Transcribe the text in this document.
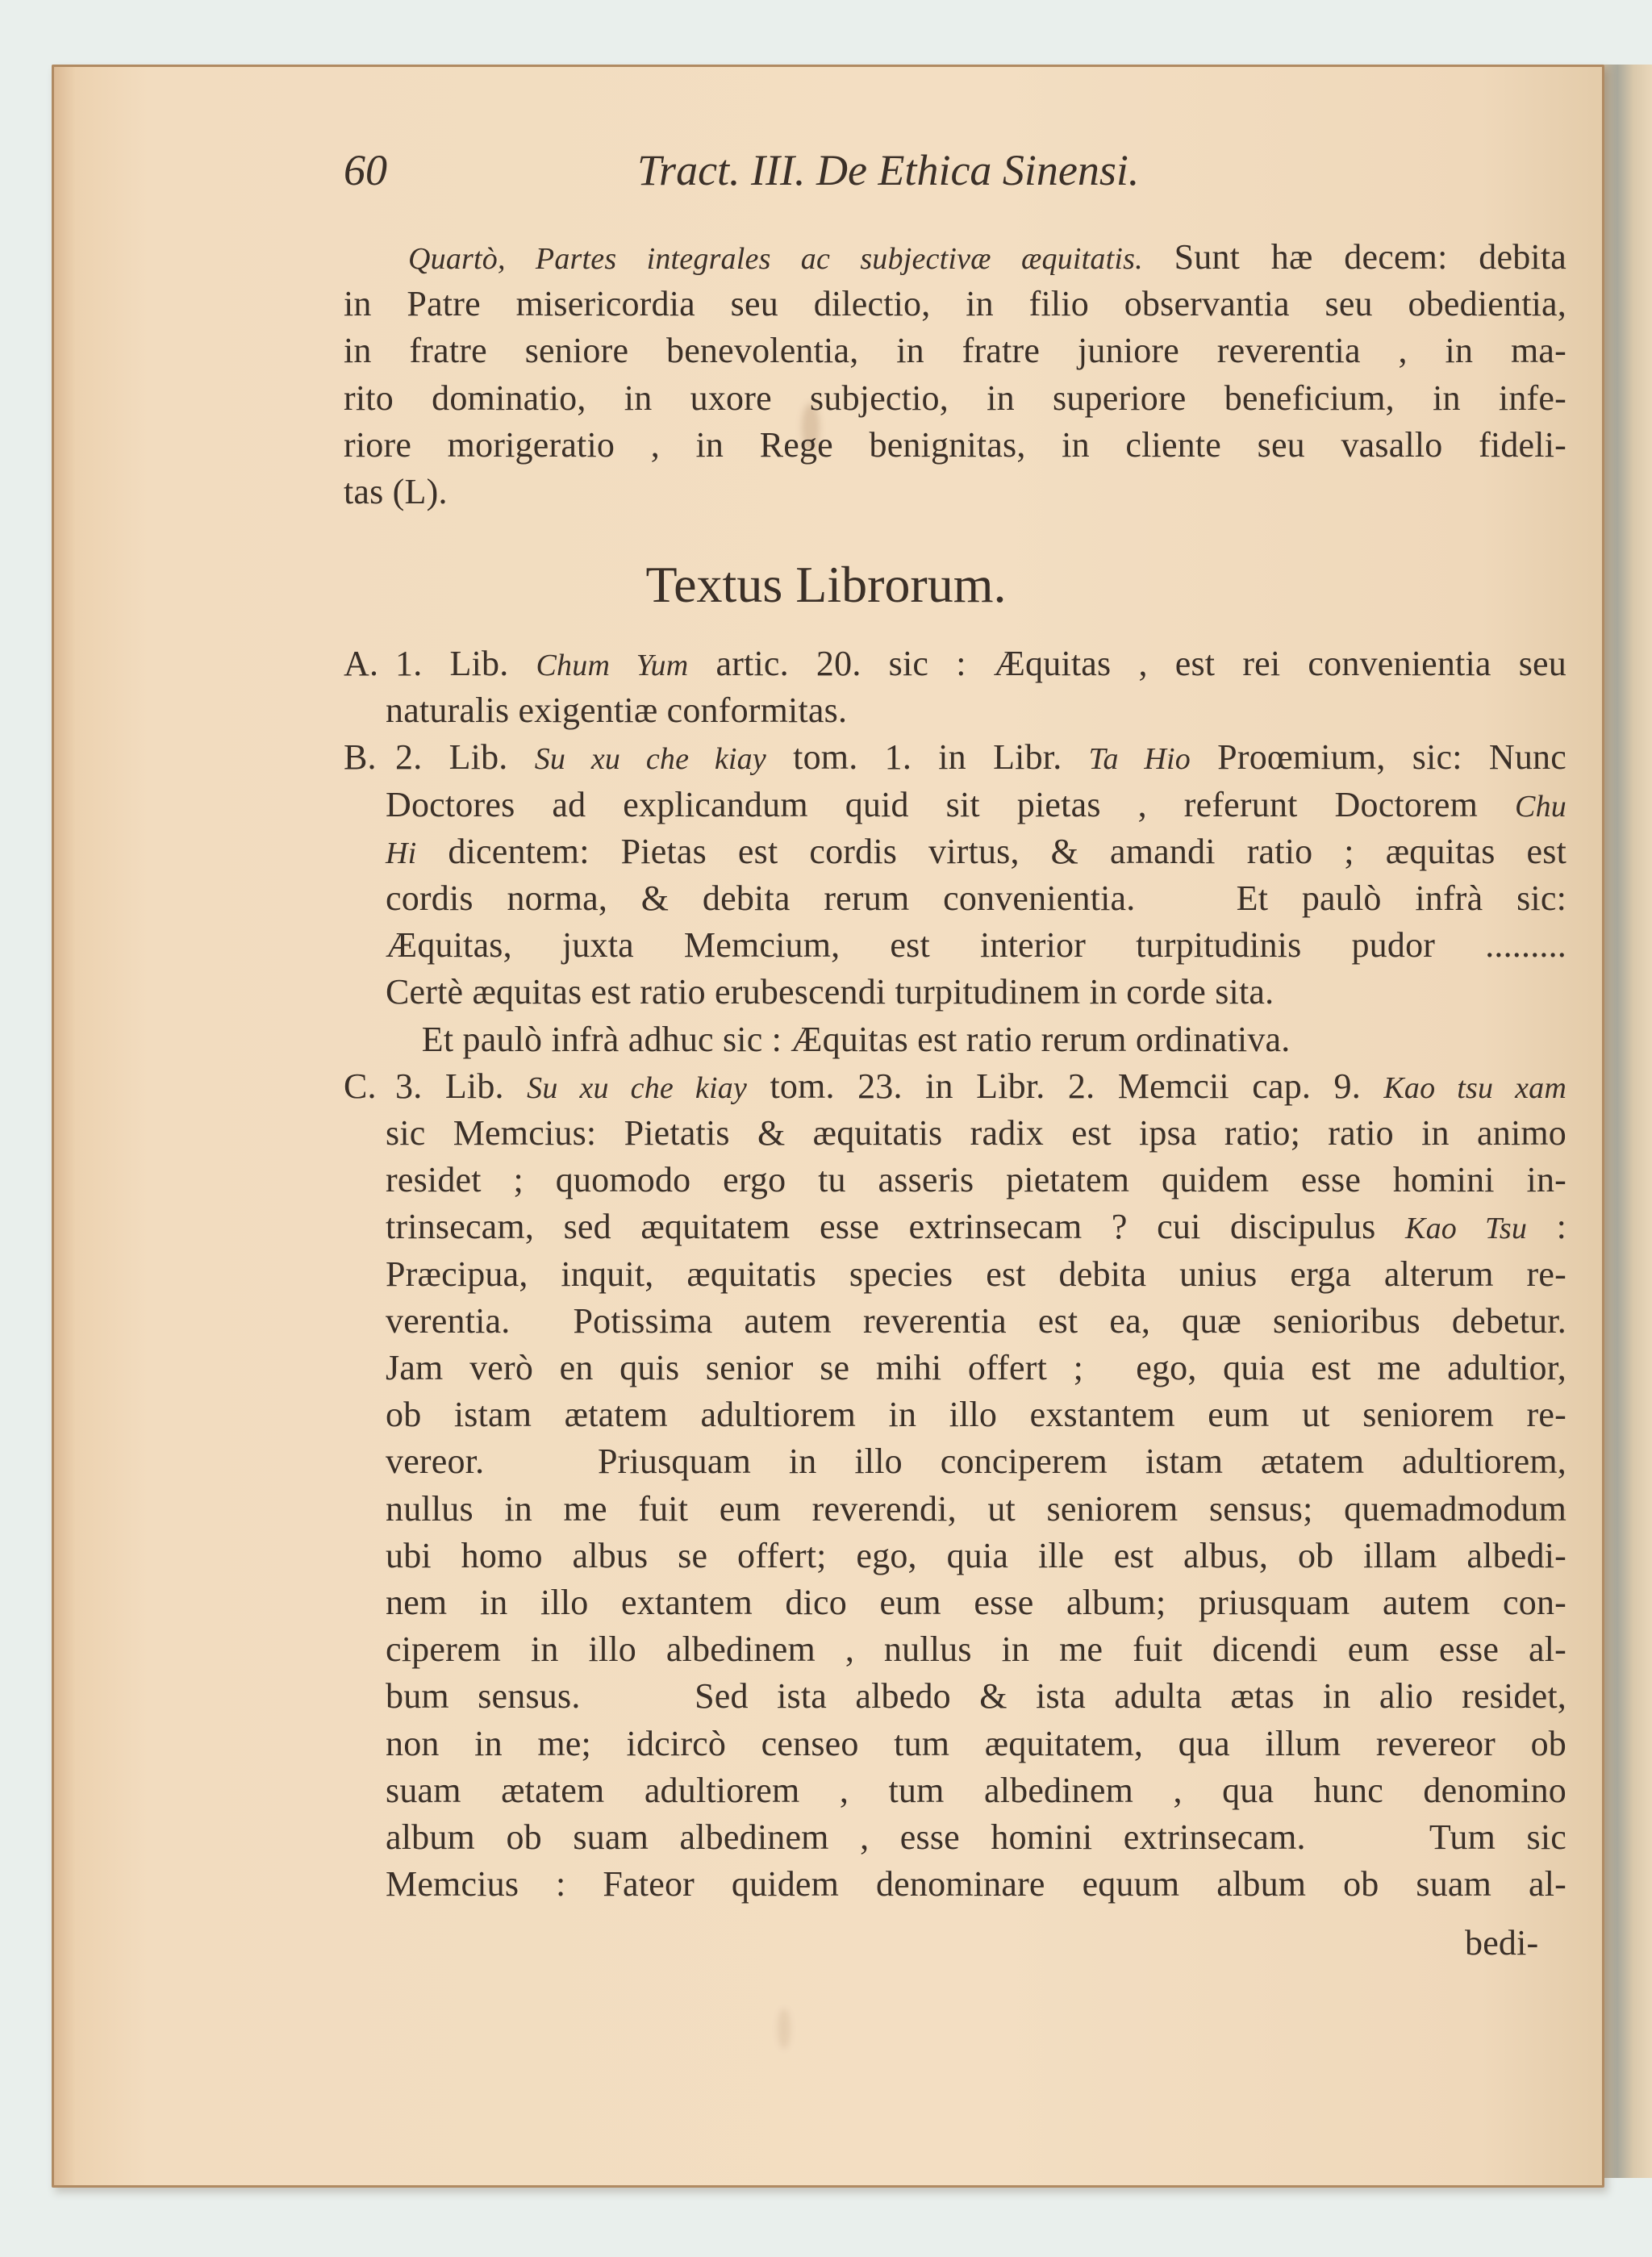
60	Tract. III. De Ethica Sinensi.
Quartò, Partes integrales ac subjectivæ æquitatis. Sunt hæ decem: debita
in Patre misericordia seu dilectio, in filio observantia seu obedientia,
in fratre seniore benevolentia, in fratre juniore reverentia , in ma-
rito dominatio, in uxore subjectio, in superiore beneficium, in infe-
riore morigeratio , in Rege benignitas, in cliente seu vasallo fideli-
tas (L).
Textus Librorum.
A. 1. Lib. Chum Yum artic. 20. sic : Æquitas , est rei convenientia seu
naturalis exigentiæ conformitas.
B. 2. Lib. Su xu che kiay tom. 1. in Libr. Ta Hio Proœmium, sic: Nunc
Doctores ad explicandum quid sit pietas , referunt Doctorem Chu
Hi dicentem: Pietas est cordis virtus, & amandi ratio ; æquitas est
cordis norma, & debita rerum convenientia.   Et paulò infrà sic:
Æquitas, juxta Memcium, est interior turpitudinis pudor .........
Certè æquitas est ratio erubescendi turpitudinem in corde sita.
Et paulò infrà adhuc sic : Æquitas est ratio rerum ordinativa.
C. 3. Lib. Su xu che kiay tom. 23. in Libr. 2. Memcii cap. 9. Kao tsu xam
sic Memcius: Pietatis & æquitatis radix est ipsa ratio; ratio in animo
residet ; quomodo ergo tu asseris pietatem quidem esse homini in-
trinsecam, sed æquitatem esse extrinsecam ? cui discipulus Kao Tsu :
Præcipua, inquit, æquitatis species est debita unius erga alterum re-
verentia.  Potissima autem reverentia est ea, quæ senioribus debetur.
Jam verò en quis senior se mihi offert ;  ego, quia est me adultior,
ob istam ætatem adultiorem in illo exstantem eum ut seniorem re-
vereor.   Priusquam in illo conciperem istam ætatem adultiorem,
nullus in me fuit eum reverendi, ut seniorem sensus; quemadmodum
ubi homo albus se offert; ego, quia ille est albus, ob illam albedi-
nem in illo extantem dico eum esse album; priusquam autem con-
ciperem in illo albedinem , nullus in me fuit dicendi eum esse al-
bum sensus.    Sed ista albedo & ista adulta ætas in alio residet,
non in me; idcircò censeo tum æquitatem, qua illum revereor ob
suam ætatem adultiorem , tum albedinem , qua hunc denomino
album ob suam albedinem , esse homini extrinsecam.    Tum sic
Memcius : Fateor quidem denominare equum album ob suam al-
bedi-
